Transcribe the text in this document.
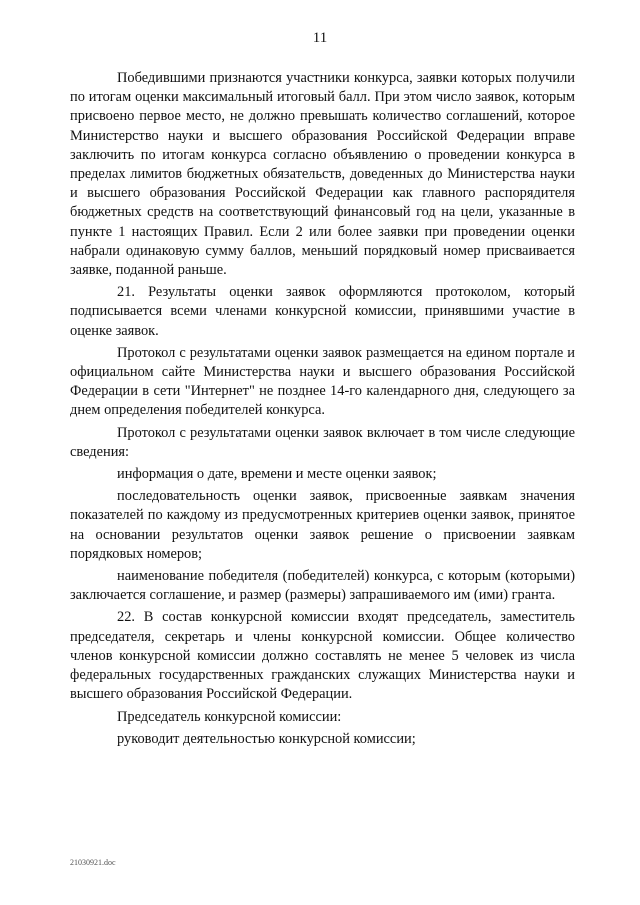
11

Победившими признаются участники конкурса, заявки которых получили по итогам оценки максимальный итоговый балл. При этом число заявок, которым присвоено первое место, не должно превышать количество соглашений, которое Министерство науки и высшего образования Российской Федерации вправе заключить по итогам конкурса согласно объявлению о проведении конкурса в пределах лимитов бюджетных обязательств, доведенных до Министерства науки и высшего образования Российской Федерации как главного распорядителя бюджетных средств на соответствующий финансовый год на цели, указанные в пункте 1 настоящих Правил. Если 2 или более заявки при проведении оценки набрали одинаковую сумму баллов, меньший порядковый номер присваивается заявке, поданной раньше.

21. Результаты оценки заявок оформляются протоколом, который подписывается всеми членами конкурсной комиссии, принявшими участие в оценке заявок.

Протокол с результатами оценки заявок размещается на едином портале и официальном сайте Министерства науки и высшего образования Российской Федерации в сети "Интернет" не позднее 14-го календарного дня, следующего за днем определения победителей конкурса.

Протокол с результатами оценки заявок включает в том числе следующие сведения:

информация о дате, времени и месте оценки заявок;

последовательность оценки заявок, присвоенные заявкам значения показателей по каждому из предусмотренных критериев оценки заявок, принятое на основании результатов оценки заявок решение о присвоении заявкам порядковых номеров;

наименование победителя (победителей) конкурса, с которым (которыми) заключается соглашение, и размер (размеры) запрашиваемого им (ими) гранта.

22. В состав конкурсной комиссии входят председатель, заместитель председателя, секретарь и члены конкурсной комиссии. Общее количество членов конкурсной комиссии должно составлять не менее 5 человек из числа федеральных государственных гражданских служащих Министерства науки и высшего образования Российской Федерации.

Председатель конкурсной комиссии:

руководит деятельностью конкурсной комиссии;

21030921.doc
